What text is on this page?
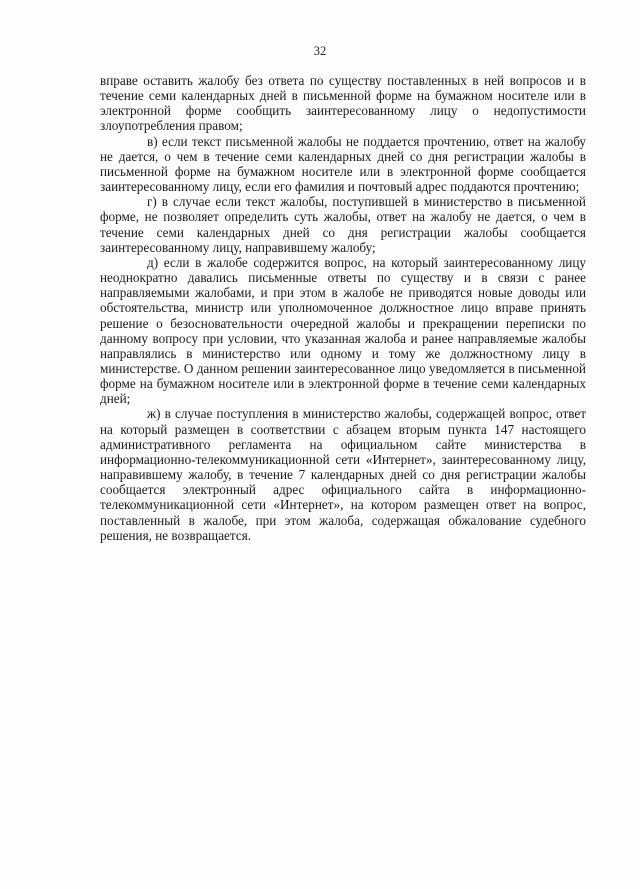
32

вправе оставить жалобу без ответа по существу поставленных в ней вопросов и в течение семи календарных дней в письменной форме на бумажном носителе или в электронной форме сообщить заинтересованному лицу о недопустимости злоупотребления правом;

в) если текст письменной жалобы не поддается прочтению, ответ на жалобу не дается, о чем в течение семи календарных дней со дня регистрации жалобы в письменной форме на бумажном носителе или в электронной форме сообщается заинтересованному лицу, если его фамилия и почтовый адрес поддаются прочтению;

г) в случае если текст жалобы, поступившей в министерство в письменной форме, не позволяет определить суть жалобы, ответ на жалобу не дается, о чем в течение семи календарных дней со дня регистрации жалобы сообщается заинтересованному лицу, направившему жалобу;

д) если в жалобе содержится вопрос, на который заинтересованному лицу неоднократно давались письменные ответы по существу и в связи с ранее направляемыми жалобами, и при этом в жалобе не приводятся новые доводы или обстоятельства, министр или уполномоченное должностное лицо вправе принять решение о безосновательности очередной жалобы и прекращении переписки по данному вопросу при условии, что указанная жалоба и ранее направляемые жалобы направлялись в министерство или одному и тому же должностному лицу в министерстве. О данном решении заинтересованное лицо уведомляется в письменной форме на бумажном носителе или в электронной форме в течение семи календарных дней;

ж) в случае поступления в министерство жалобы, содержащей вопрос, ответ на который размещен в соответствии с абзацем вторым пункта 147 настоящего административного регламента на официальном сайте министерства в информационно-телекоммуникационной сети «Интернет», заинтересованному лицу, направившему жалобу, в течение 7 календарных дней со дня регистрации жалобы сообщается электронный адрес официального сайта в информационно-телекоммуникационной сети «Интернет», на котором размещен ответ на вопрос, поставленный в жалобе, при этом жалоба, содержащая обжалование судебного решения, не возвращается.
